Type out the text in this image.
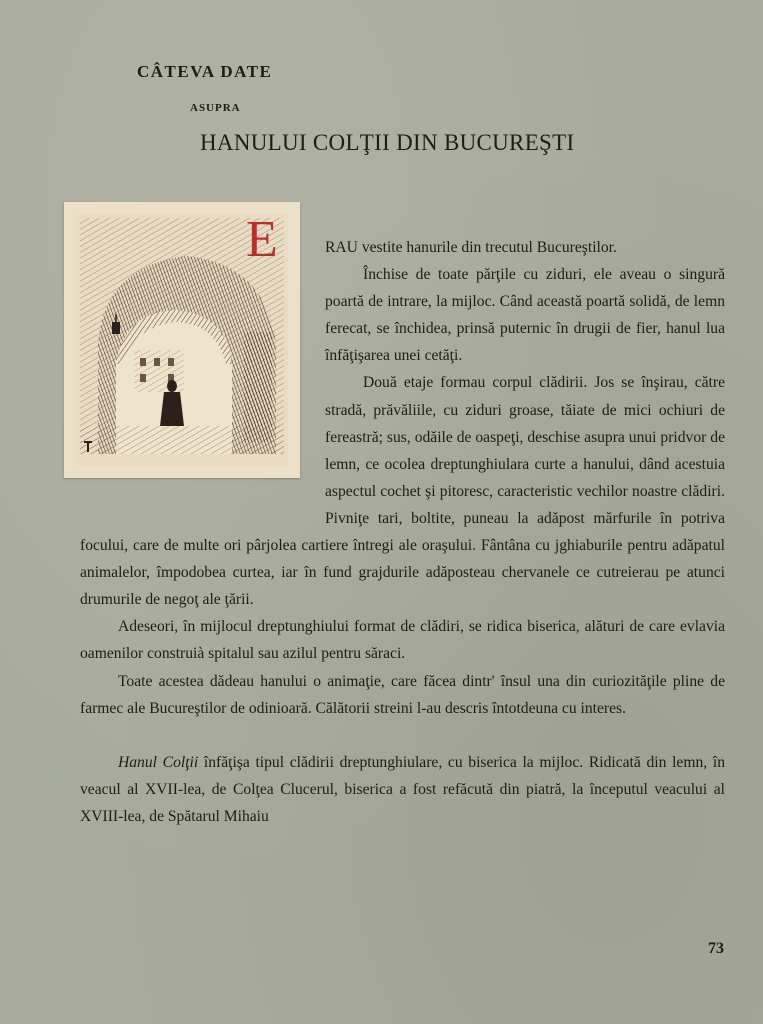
CÂTEVA DATE
ASUPRA
HANULUI COLŢII DIN BUCUREŞTI
E	RAU vestite hanurile din trecutul Bucureştilor.

Închise de toate părţile cu ziduri, ele aveau o singură poartă de intrare, la mijloc. Când această poartă solidă, de lemn ferecat, se închidea, prinsă puternic în drugii de fier, hanul lua înfăţişarea unei cetăţi.

Două etaje formau corpul clădirii. Jos se înşirau, către stradă, prăvăliile, cu ziduri groase, tăiate de mici ochiuri de fereastră; sus, odăile de oaspeţi, deschise asupra unui pridvor de lemn, ce ocolea dreptunghiulara curte a hanului, dând acestuia aspectul cochet şi pitoresc, caracteristic vechilor noastre clădiri. Pivniţe tari, boltite, puneau la adăpost mărfurile în potriva focului, care de multe ori pârjolea cartiere întregi ale oraşului. Fântâna cu jghiaburile pentru adăpatul animalelor, împodobea curtea, iar în fund grajdurile adăposteau chervanele ce cutreierau pe atunci drumurile de negoţ ale ţării.

Adeseori, în mijlocul dreptunghiului format de clădiri, se ridica biserica, alături de care evlavia oamenilor construià spitalul sau azilul pentru săraci.

Toate acestea dădeau hanului o animaţie, care făcea dintr' însul una din curiozităţile pline de farmec ale Bucureştilor de odinioară. Călătorii streini l-au descris întotdeuna cu interes.

Hanul Colţii înfăţişa tipul clădirii dreptunghiulare, cu biserica la mijloc. Ridicată din lemn, în veacul al XVII-lea, de Colţea Clucerul, biserica a fost refăcută din piatră, la începutul veacului al XVIII-lea, de Spătarul Mihaiu

73
